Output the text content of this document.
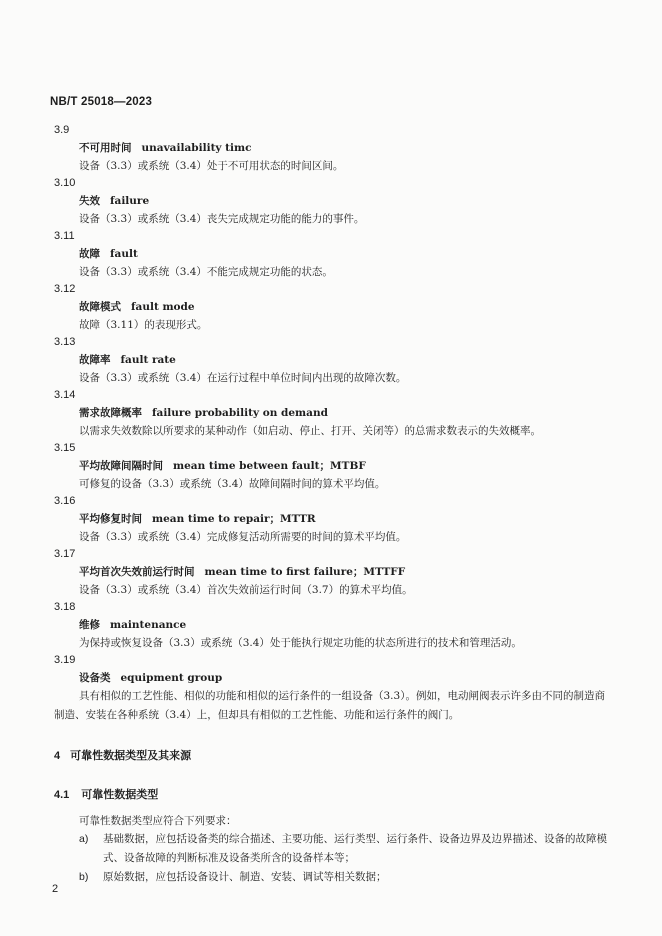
NB/T 25018—2023
3.9
不可用时间 unavailability timc
设备（3.3）或系统（3.4）处于不可用状态的时间区间。
3.10
失效 failure
设备（3.3）或系统（3.4）丧失完成规定功能的能力的事件。
3.11
故障 fault
设备（3.3）或系统（3.4）不能完成规定功能的状态。
3.12
故障模式 fault mode
故障（3.11）的表现形式。
3.13
故障率 fault rate
设备（3.3）或系统（3.4）在运行过程中单位时间内出现的故障次数。
3.14
需求故障概率 failure probability on demand
以需求失效数除以所要求的某种动作（如启动、停止、打开、关闭等）的总需求数表示的失效概率。
3.15
平均故障间隔时间 mean time between fault；MTBF
可修复的设备（3.3）或系统（3.4）故障间隔时间的算术平均值。
3.16
平均修复时间 mean time to repair；MTTR
设备（3.3）或系统（3.4）完成修复活动所需要的时间的算术平均值。
3.17
平均首次失效前运行时间 mean time to first failure；MTTFF
设备（3.3）或系统（3.4）首次失效前运行时间（3.7）的算术平均值。
3.18
维修 maintenance
为保持或恢复设备（3.3）或系统（3.4）处于能执行规定功能的状态所进行的技术和管理活动。
3.19
设备类 equipment group
具有相似的工艺性能、相似的功能和相似的运行条件的一组设备（3.3）。例如，电动闸阀表示许多由不同的制造商制造、安装在各种系统（3.4）上，但却具有相似的工艺性能、功能和运行条件的阀门。
4 可靠性数据类型及其来源
4.1 可靠性数据类型
可靠性数据类型应符合下列要求：
a) 基础数据，应包括设备类的综合描述、主要功能、运行类型、运行条件、设备边界及边界描述、设备的故障模式、设备故障的判断标准及设备类所含的设备样本等；
b) 原始数据，应包括设备设计、制造、安装、调试等相关数据；
2
